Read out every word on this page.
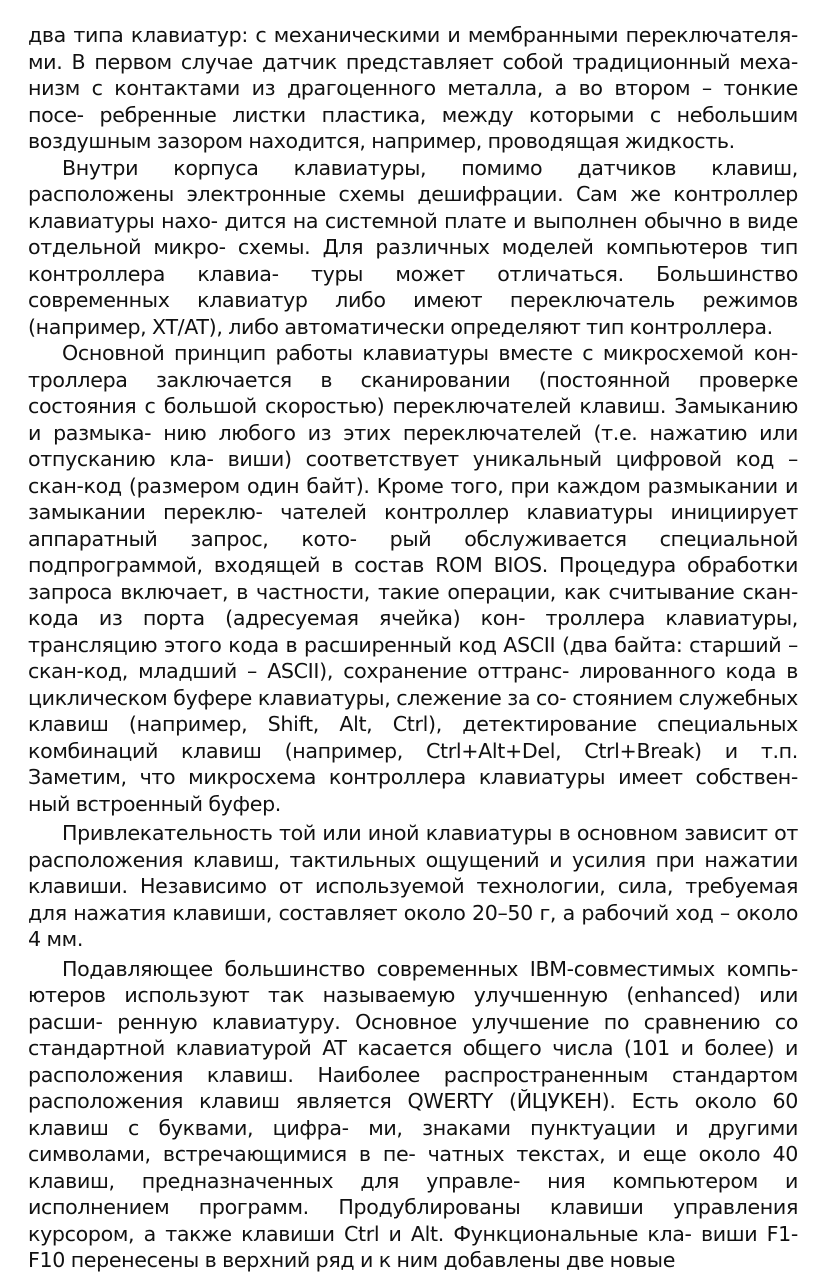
два типа клавиатур: с механическими и мембранными переключателя- ми. В первом случае датчик представляет собой традиционный меха- низм с контактами из драгоценного металла, а во втором – тонкие посе- ребренные листки пластика, между которыми с небольшим воздушным зазором находится, например, проводящая жидкость.

Внутри корпуса клавиатуры, помимо датчиков клавиш, расположены электронные схемы дешифрации. Сам же контроллер клавиатуры нахо- дится на системной плате и выполнен обычно в виде отдельной микро- схемы. Для различных моделей компьютеров тип контроллера клавиа- туры может отличаться. Большинство современных клавиатур либо имеют переключатель режимов (например, XT/AT), либо автоматически определяют тип контроллера.

Основной принцип работы клавиатуры вместе с микросхемой кон- троллера заключается в сканировании (постоянной проверке состояния с большой скоростью) переключателей клавиш. Замыканию и размыка- нию любого из этих переключателей (т.е. нажатию или отпусканию кла- виши) соответствует уникальный цифровой код – скан-код (размером один байт). Кроме того, при каждом размыкании и замыкании переклю- чателей контроллер клавиатуры инициирует аппаратный запрос, кото- рый обслуживается специальной подпрограммой, входящей в состав ROM BIOS. Процедура обработки запроса включает, в частности, такие операции, как считывание скан-кода из порта (адресуемая ячейка) кон- троллера клавиатуры, трансляцию этого кода в расширенный код ASCII (два байта: старший – скан-код, младший – ASCII), сохранение оттранс- лированного кода в циклическом буфере клавиатуры, слежение за со- стоянием служебных клавиш (например, Shift, Alt, Ctrl), детектирование специальных комбинаций клавиш (например, Ctrl+Alt+Del, Ctrl+Break) и т.п. Заметим, что микросхема контроллера клавиатуры имеет собствен- ный встроенный буфер.

Привлекательность той или иной клавиатуры в основном зависит от расположения клавиш, тактильных ощущений и усилия при нажатии клавиши. Независимо от используемой технологии, сила, требуемая для нажатия клавиши, составляет около 20–50 г, а рабочий ход – около 4 мм.

Подавляющее большинство современных IBM-совместимых компь- ютеров используют так называемую улучшенную (enhanced) или расши- ренную клавиатуру. Основное улучшение по сравнению со стандартной клавиатурой AT касается общего числа (101 и более) и расположения клавиш. Наиболее распространенным стандартом расположения клавиш является QWERTY (ЙЦУКЕН). Есть около 60 клавиш с буквами, цифра- ми, знаками пунктуации и другими символами, встречающимися в пе- чатных текстах, и еще около 40 клавиш, предназначенных для управле- ния компьютером и исполнением программ. Продублированы клавиши управления курсором, а также клавиши Ctrl и Alt. Функциональные кла- виши F1-F10 перенесены в верхний ряд и к ним добавлены две новые
